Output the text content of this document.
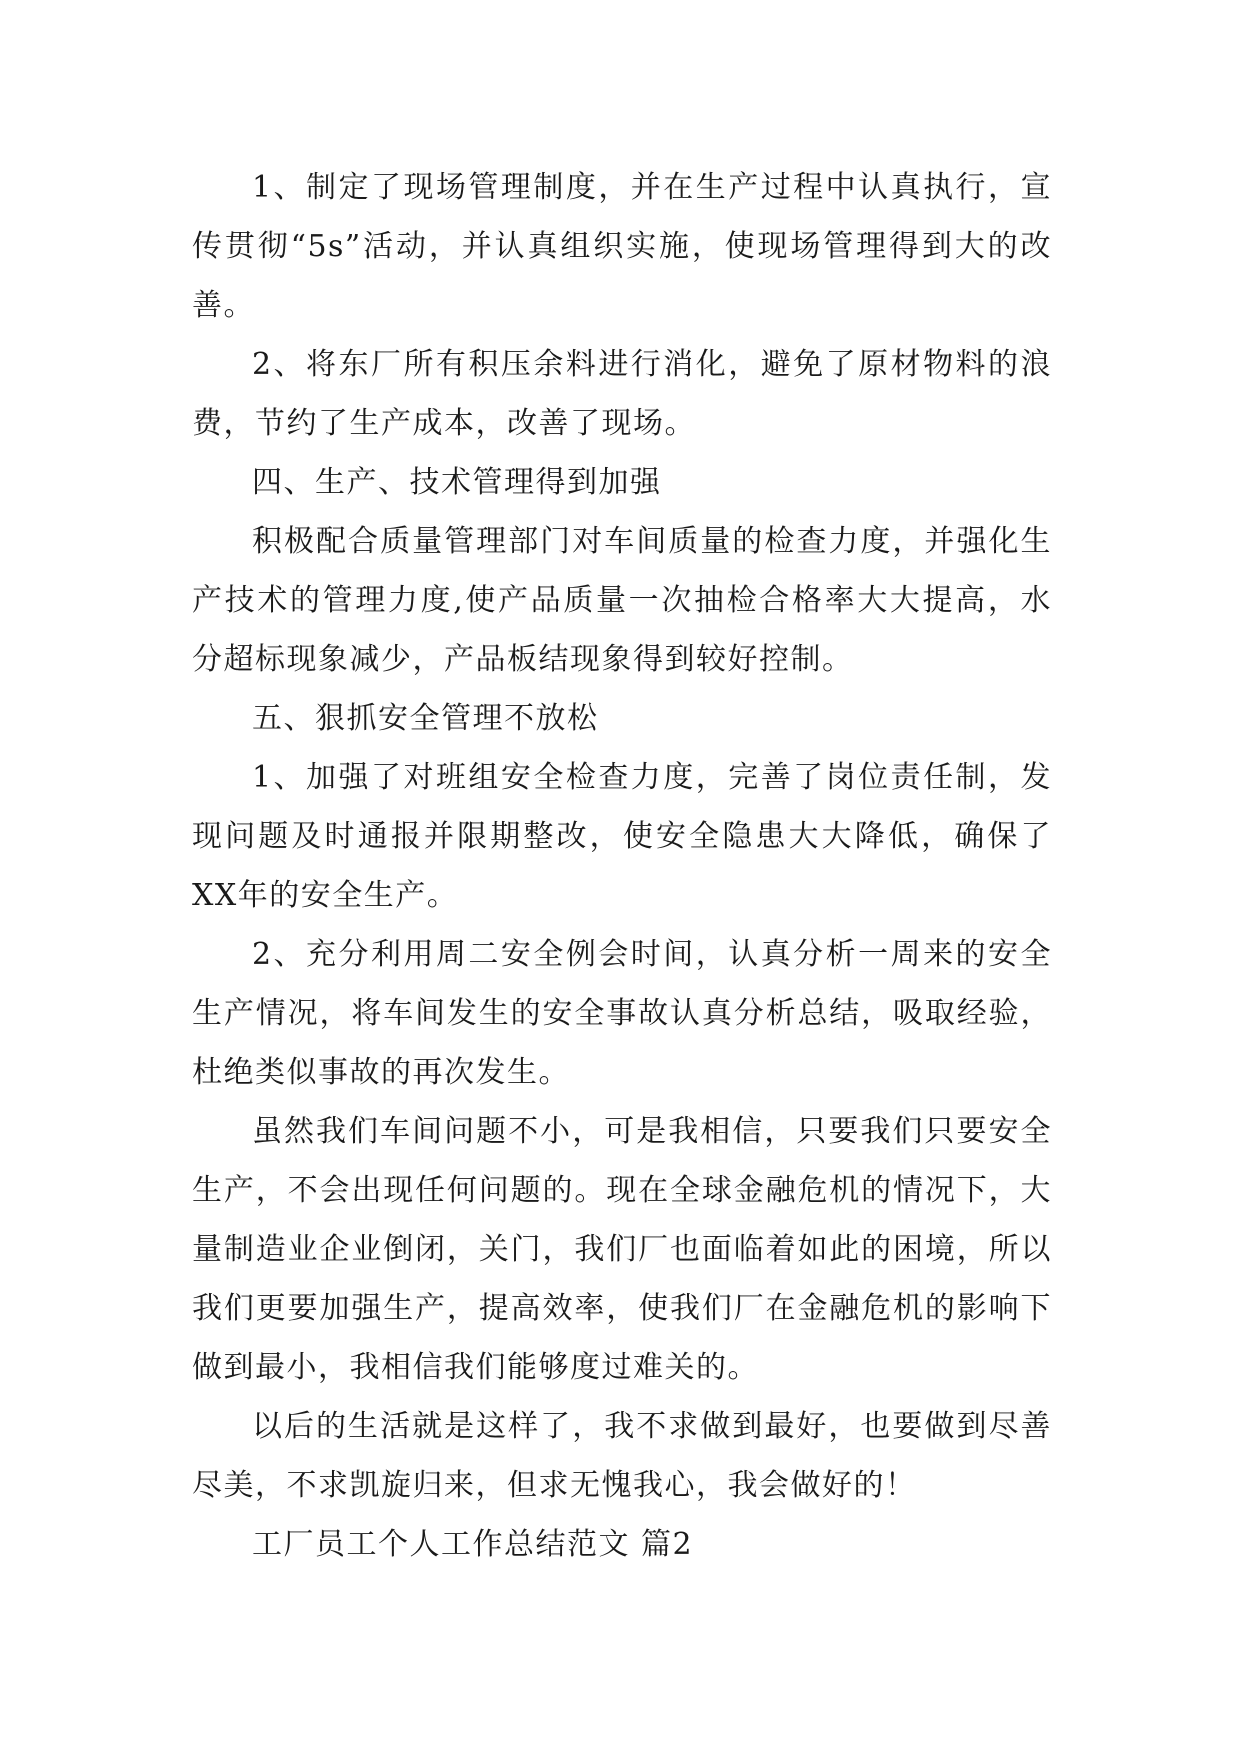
1、制定了现场管理制度，并在生产过程中认真执行，宣传贯彻“5s”活动，并认真组织实施，使现场管理得到大的改善。

2、将东厂所有积压余料进行消化，避免了原材物料的浪费，节约了生产成本，改善了现场。

四、生产、技术管理得到加强

积极配合质量管理部门对车间质量的检查力度，并强化生产技术的管理力度,使产品质量一次抽检合格率大大提高，水分超标现象减少，产品板结现象得到较好控制。

五、狠抓安全管理不放松

1、加强了对班组安全检查力度，完善了岗位责任制，发现问题及时通报并限期整改，使安全隐患大大降低，确保了XX年的安全生产。

2、充分利用周二安全例会时间，认真分析一周来的安全生产情况，将车间发生的安全事故认真分析总结，吸取经验，杜绝类似事故的再次发生。

虽然我们车间问题不小，可是我相信，只要我们只要安全生产，不会出现任何问题的。现在全球金融危机的情况下，大量制造业企业倒闭，关门，我们厂也面临着如此的困境，所以我们更要加强生产，提高效率，使我们厂在金融危机的影响下做到最小，我相信我们能够度过难关的。

以后的生活就是这样了，我不求做到最好，也要做到尽善尽美，不求凯旋归来，但求无愧我心，我会做好的！

工厂员工个人工作总结范文 篇2
